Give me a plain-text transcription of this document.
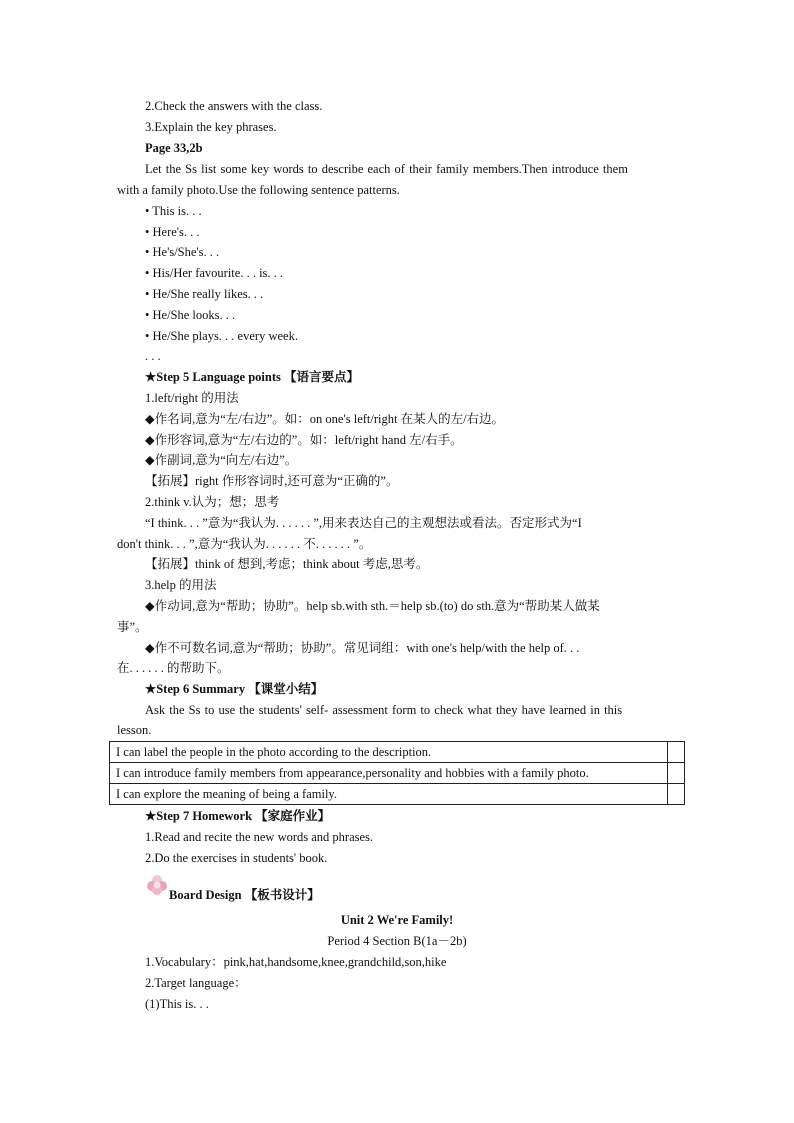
2.Check the answers with the class.
3.Explain the key phrases.
Page 33,2b
Let the Ss list some key words to describe each of their family members.Then introduce them
with a family photo.Use the following sentence patterns.
• This is. . .
• Here's. . .
• He's/She's. . .
• His/Her favourite. . . is. . .
• He/She really likes. . .
• He/She looks. . .
• He/She plays. . . every week.
. . .
★Step 5 Language points 【语言要点】
1.left/right 的用法
◆作名词,意为“左/右边”。如：on one's left/right 在某人的左/右边。
◆作形容词,意为“左/右边的”。如：left/right hand 左/右手。
◆作副词,意为“向左/右边”。
【拓展】right 作形容词时,还可意为“正确的”。
2.think v.认为；想；思考
“I think. . . ”意为“我认为. . . . . . ”,用来表达自己的主观想法或看法。否定形式为“I
don't think. . . ”,意为“我认为. . . . . . 不. . . . . . ”。
【拓展】think of 想到,考虑；think about 考虑,思考。
3.help 的用法
◆作动词,意为“帮助；协助”。help sb.with sth.＝help sb.(to) do sth.意为“帮助某人做某
事”。
◆作不可数名词,意为“帮助；协助”。常见词组：with one's help/with the help of. . .
在. . . . . . 的帮助下。
★Step 6 Summary 【课堂小结】
Ask the Ss to use the students' self- assessment form to check what they have learned in this
lesson.
I can label the people in the photo according to the description.	
I can introduce family members from appearance,personality and hobbies with a family photo.	
I can explore the meaning of being a family.	
★Step 7 Homework 【家庭作业】
1.Read and recite the new words and phrases.
2.Do the exercises in students' book.
Board Design 【板书设计】
Unit 2 We're Family!
Period 4 Section B(1a－2b)
1.Vocabulary：pink,hat,handsome,knee,grandchild,son,hike
2.Target language：
(1)This is. . .
